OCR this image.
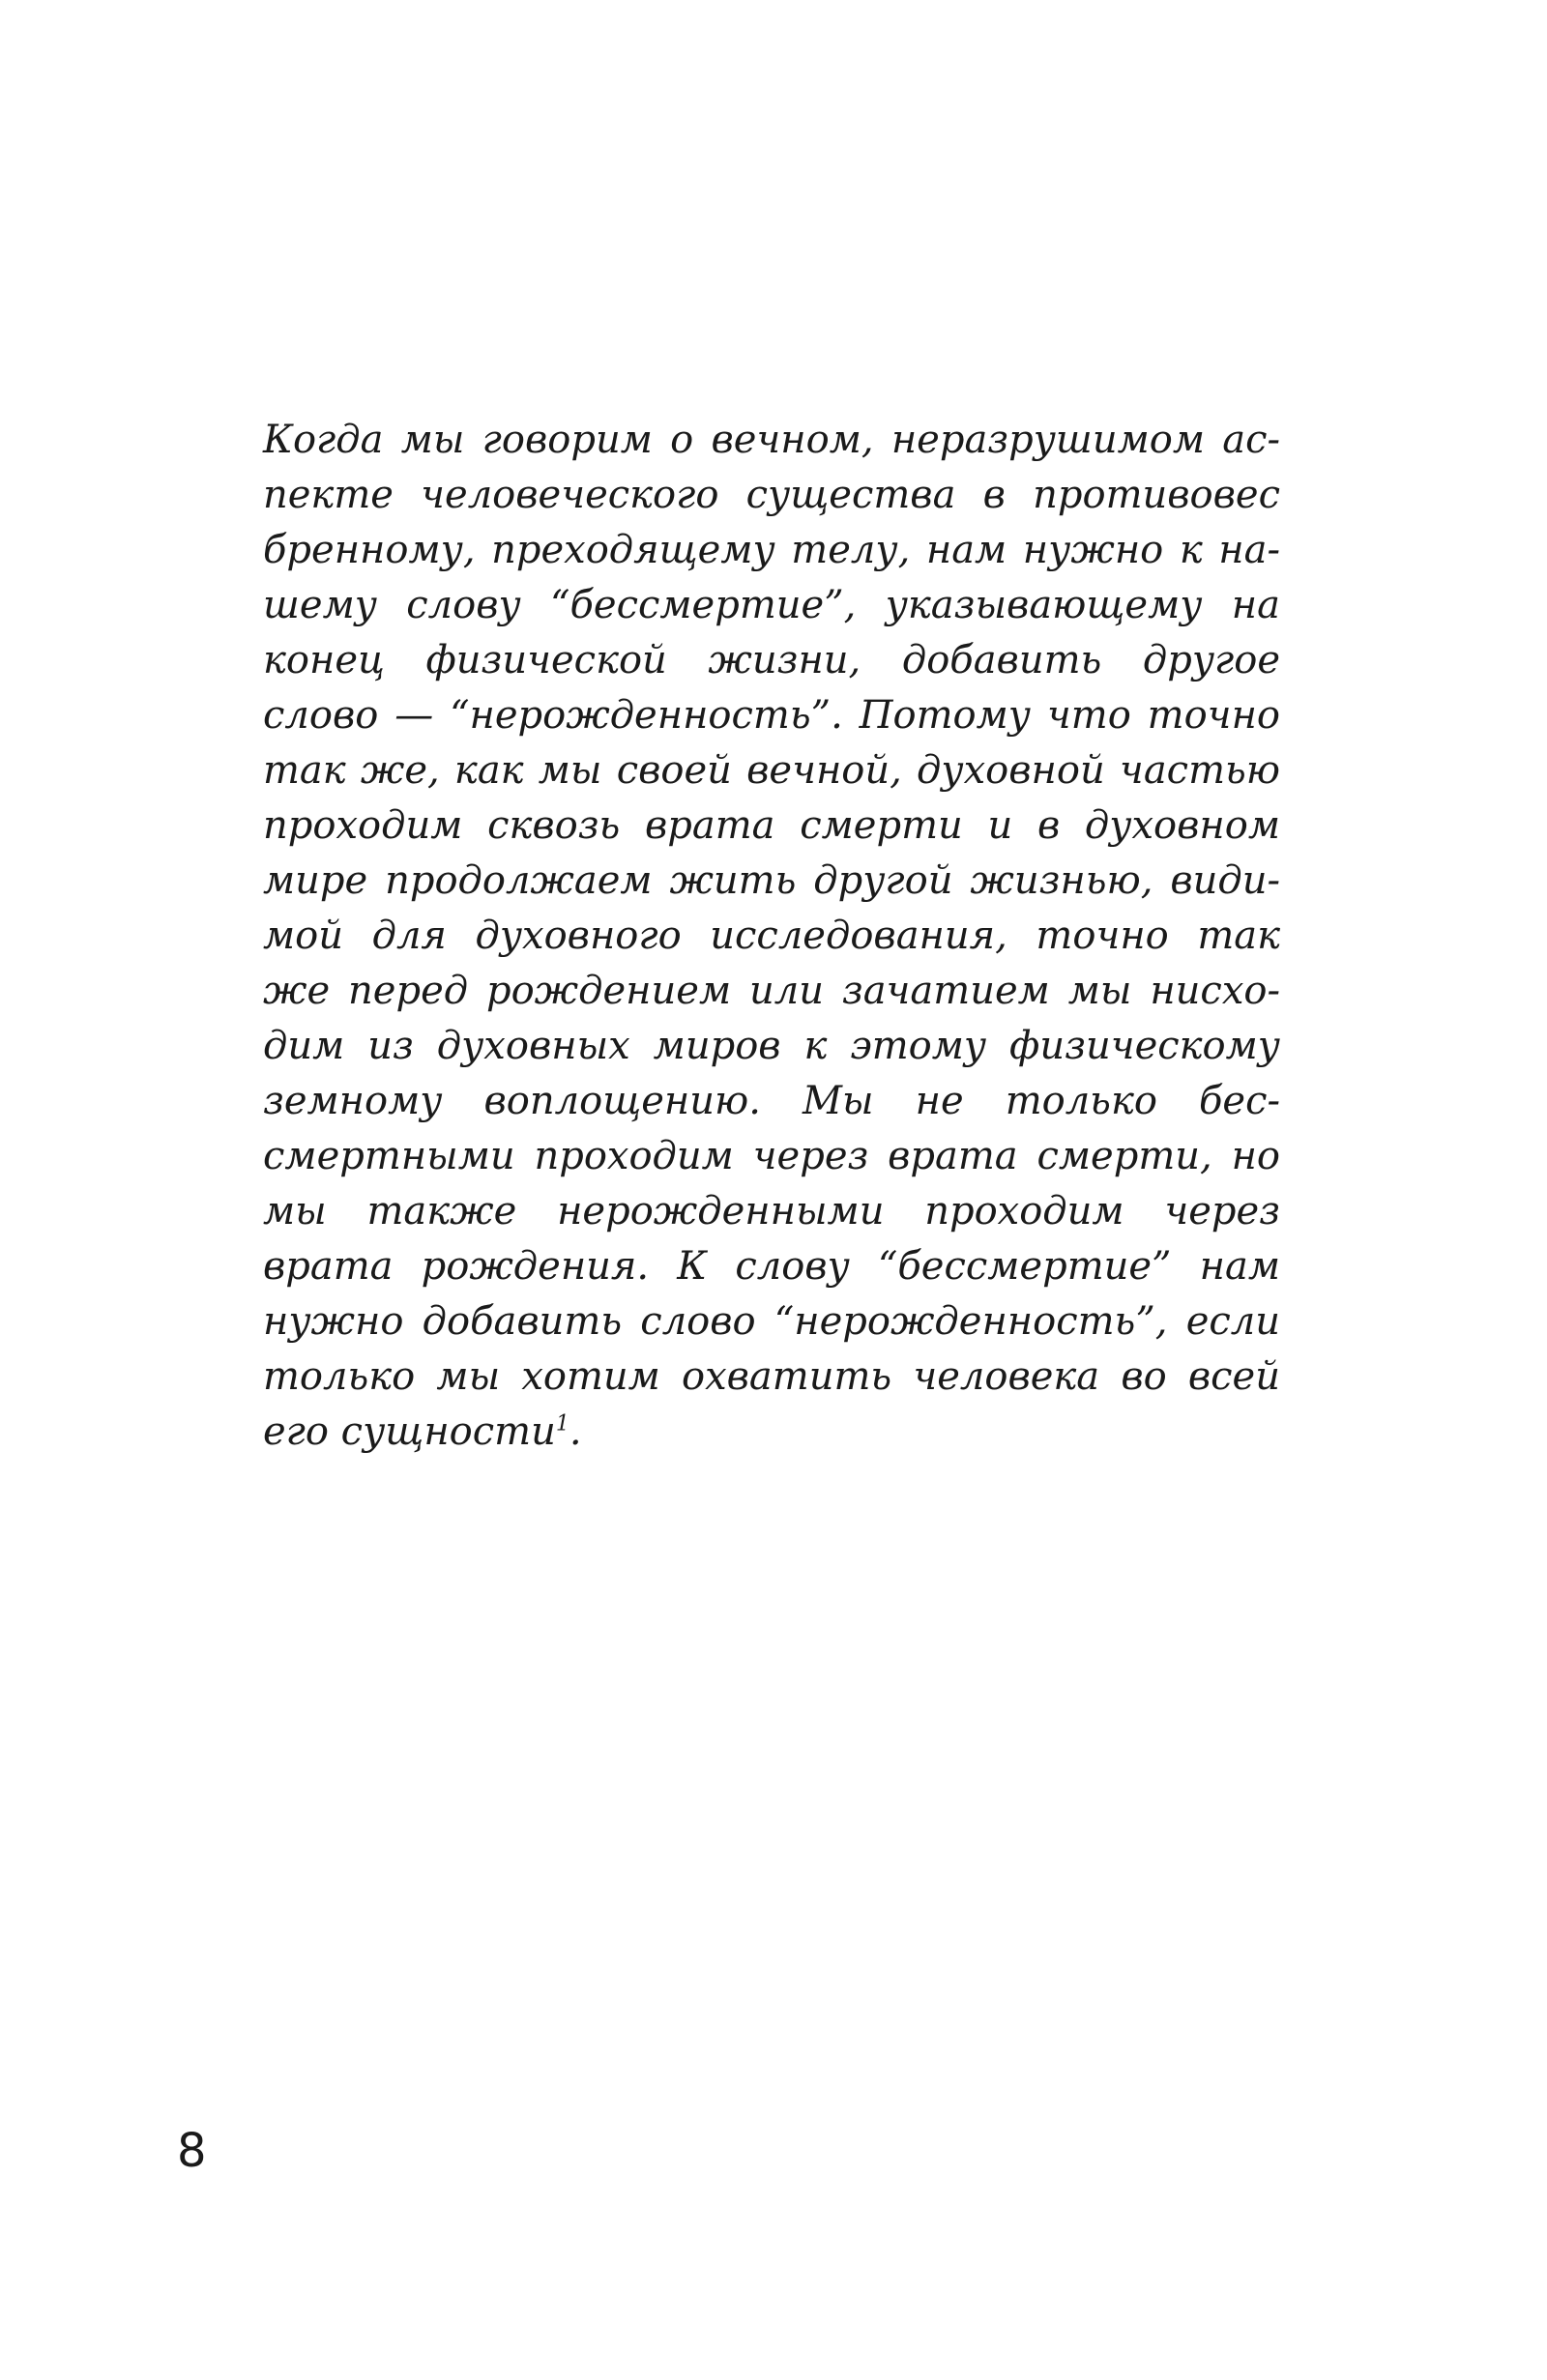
Когда мы говорим о вечном, неразрушимом ас-
пекте человеческого существа в противовес
бренному, преходящему телу, нам нужно к на-
шему слову “бессмертие”, указывающему на
конец физической жизни, добавить другое
слово — “нерожденность”. Потому что точно
так же, как мы своей вечной, духовной частью
проходим сквозь врата смерти и в духовном
мире продолжаем жить другой жизнью, види-
мой для духовного исследования, точно так
же перед рождением или зачатием мы нисхо-
дим из духовных миров к этому физическому
земному воплощению. Мы не только бес-
смертными проходим через врата смерти, но
мы также нерожденными проходим через
врата рождения. К слову “бессмертие” нам
нужно добавить слово “нерожденность”, если
только мы хотим охватить человека во всей
его сущности$^1$.
8
